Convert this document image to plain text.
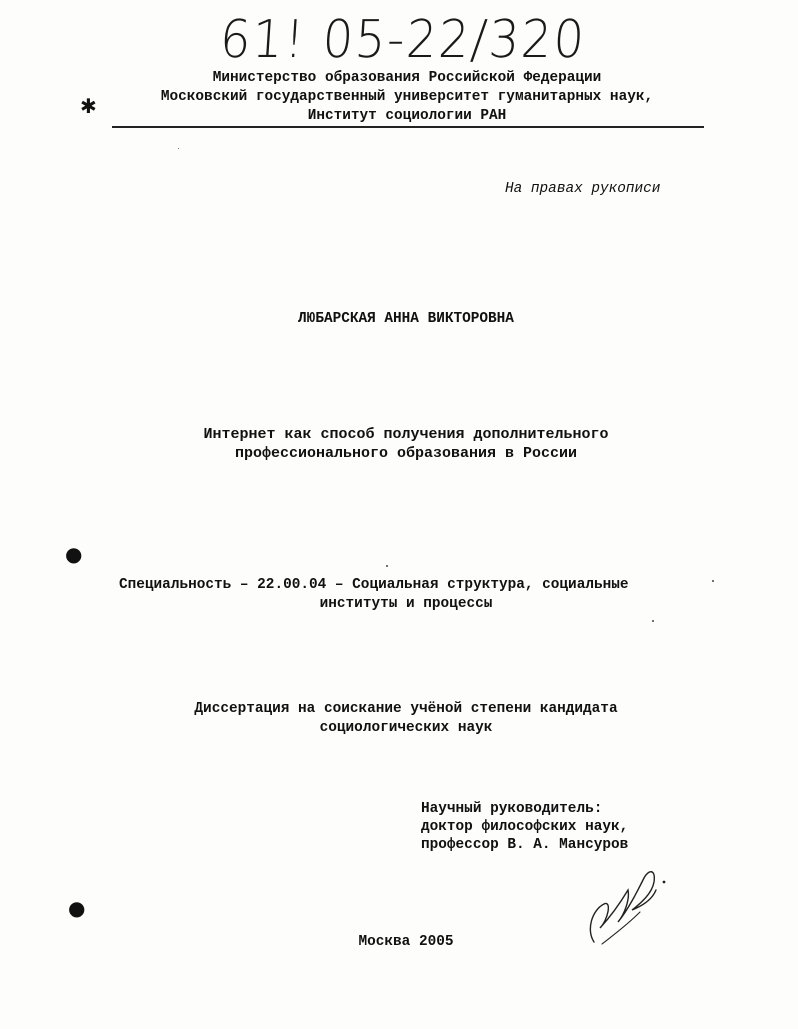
61! 05-22/320
✱
Министерство образования Российской Федерации
Московский государственный университет гуманитарных наук,
Институт социологии РАН
На правах рукописи
ЛЮБАРСКАЯ АННА ВИКТОРОВНА
Интернет как способ получения дополнительного
профессионального образования в России
●
Специальность – 22.00.04 – Социальная структура, социальные
институты и процессы
Диссертация на соискание учёной степени кандидата
социологических наук
Научный руководитель:
доктор философских наук,
профессор В. А. Мансуров
●
Москва 2005
